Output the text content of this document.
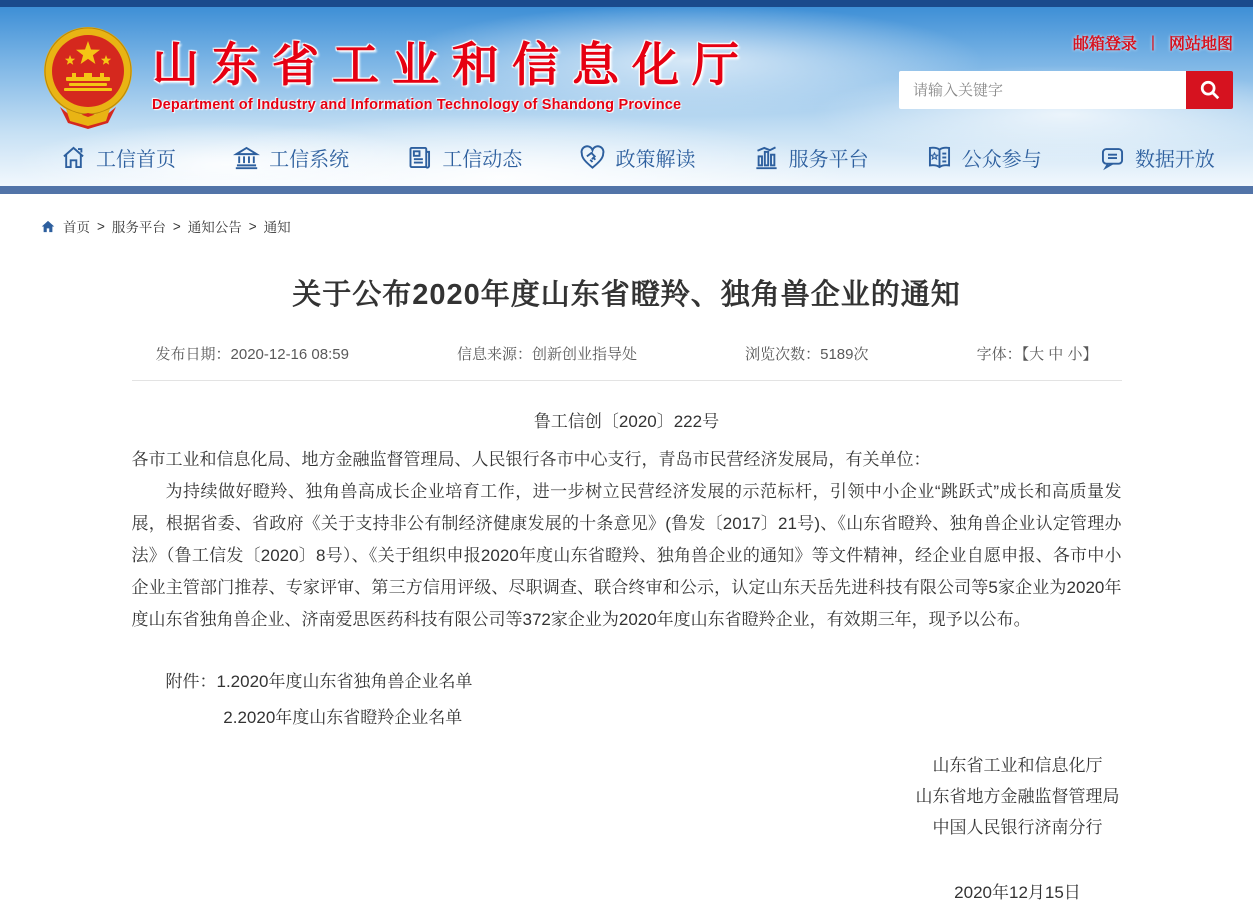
山东省工业和信息化厅
Department of Industry and Information Technology of Shandong Province
邮箱登录 | 网站地图
请输入关键字
工信首页	工信系统	工信动态	政策解读	服务平台	公众参与	数据开放
首页 > 服务平台 > 通知公告 > 通知
关于公布2020年度山东省瞪羚、独角兽企业的通知
发布日期：2020-12-16 08:59	信息来源：创新创业指导处	浏览次数：5189次	字体：【大 中 小】
鲁工信创〔2020〕222号

各市工业和信息化局、地方金融监督管理局、人民银行各市中心支行，青岛市民营经济发展局，有关单位：

为持续做好瞪羚、独角兽高成长企业培育工作，进一步树立民营经济发展的示范标杆，引领中小企业“跳跃式”成长和高质量发展，根据省委、省政府《关于支持非公有制经济健康发展的十条意见》(鲁发〔2017〕21号)、《山东省瞪羚、独角兽企业认定管理办法》（鲁工信发〔2020〕8号）、《关于组织申报2020年度山东省瞪羚、独角兽企业的通知》等文件精神，经企业自愿申报、各市中小企业主管部门推荐、专家评审、第三方信用评级、尽职调查、联合终审和公示，认定山东天岳先进科技有限公司等5家企业为2020年度山东省独角兽企业、济南爱思医药科技有限公司等372家企业为2020年度山东省瞪羚企业，有效期三年，现予以公布。

附件： 1.2020年度山东省独角兽企业名单
2.2020年度山东省瞪羚企业名单
山东省工业和信息化厅
山东省地方金融监督管理局
中国人民银行济南分行
2020年12月15日
